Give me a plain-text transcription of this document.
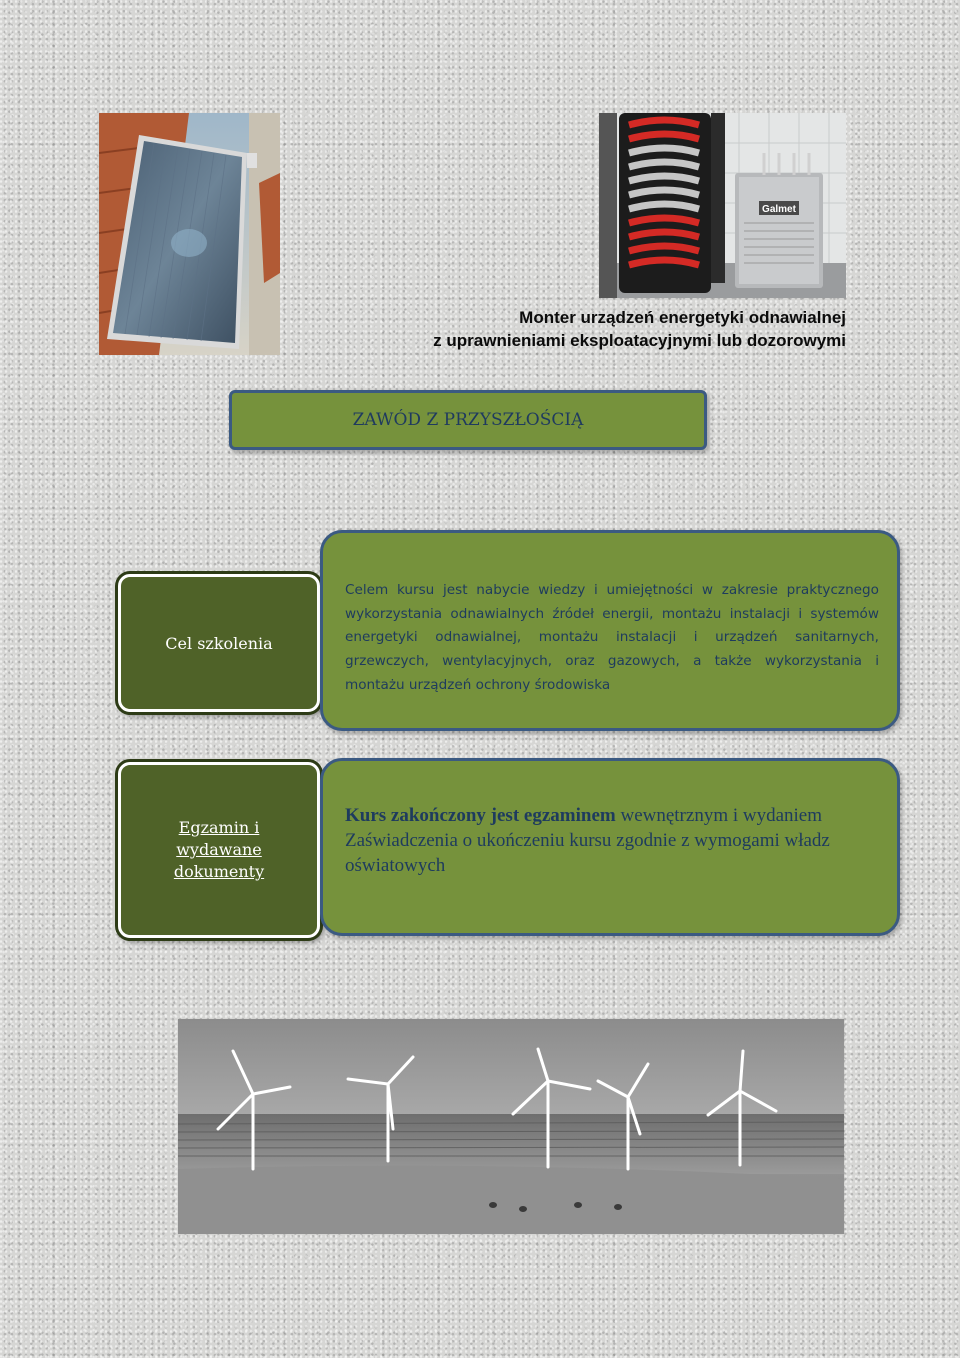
Galmet
Monter urządzeń energetyki odnawialnej
z uprawnieniami eksploatacyjnymi lub dozorowymi
ZAWÓD Z PRZYSZŁOŚCIĄ
Cel szkolenia
Celem kursu jest nabycie wiedzy i umiejętności w zakresie praktycznego wykorzystania odnawialnych źródeł energii, montażu instalacji i systemów energetyki odnawialnej, montażu instalacji i urządzeń sanitarnych, grzewczych, wentylacyjnych, oraz gazowych, a także wykorzystania i montażu urządzeń ochrony środowiska
Egzamin i wydawane dokumenty
Kurs zakończony jest egzaminem wewnętrznym i wydaniem Zaświadczenia o ukończeniu kursu zgodnie z wymogami władz oświatowych
